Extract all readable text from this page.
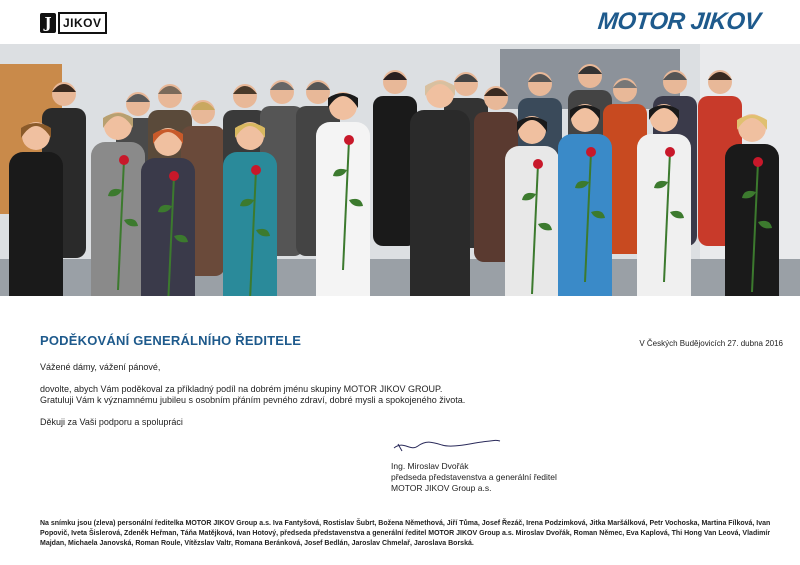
J JIKOV	MOTOR JIKOV
PODĚKOVÁNÍ GENERÁLNÍHO ŘEDITELE	V Českých Budějovicích 27. dubna 2016
Vážené dámy, vážení pánové,
dovolte, abych Vám poděkoval za příkladný podíl na dobrém jménu skupiny MOTOR JIKOV GROUP.
Gratuluji Vám k významnému jubileu s osobním přáním pevného zdraví, dobré mysli a spokojeného života.
Děkuji za Vaši podporu a spolupráci
Ing. Miroslav Dvořák
předseda představenstva a generální ředitel
MOTOR JIKOV Group a.s.
Na snímku jsou (zleva) personální ředitelka MOTOR JIKOV Group a.s. Iva Fantyšová, Rostislav Šubrt, Božena Němethová, Jiří Tůma, Josef Řezáč, Irena Podzimková, Jitka Maršálková, Petr Vochoska, Martina Fílková, Ivan Popovič, Iveta Šislerová, Zdeněk Heřman, Táňa Matějková, Ivan Hotový, předseda představenstva a generální ředitel MOTOR JIKOV Group a.s. Miroslav Dvořák, Roman Němec, Eva Kaplová, Thi Hong Van Leová, Vladimír Majdan, Michaela Janovská, Roman Roule, Vítězslav Valtr, Romana Beránková, Josef Bedlán, Jaroslav Chmelař, Jaroslava Borská.
